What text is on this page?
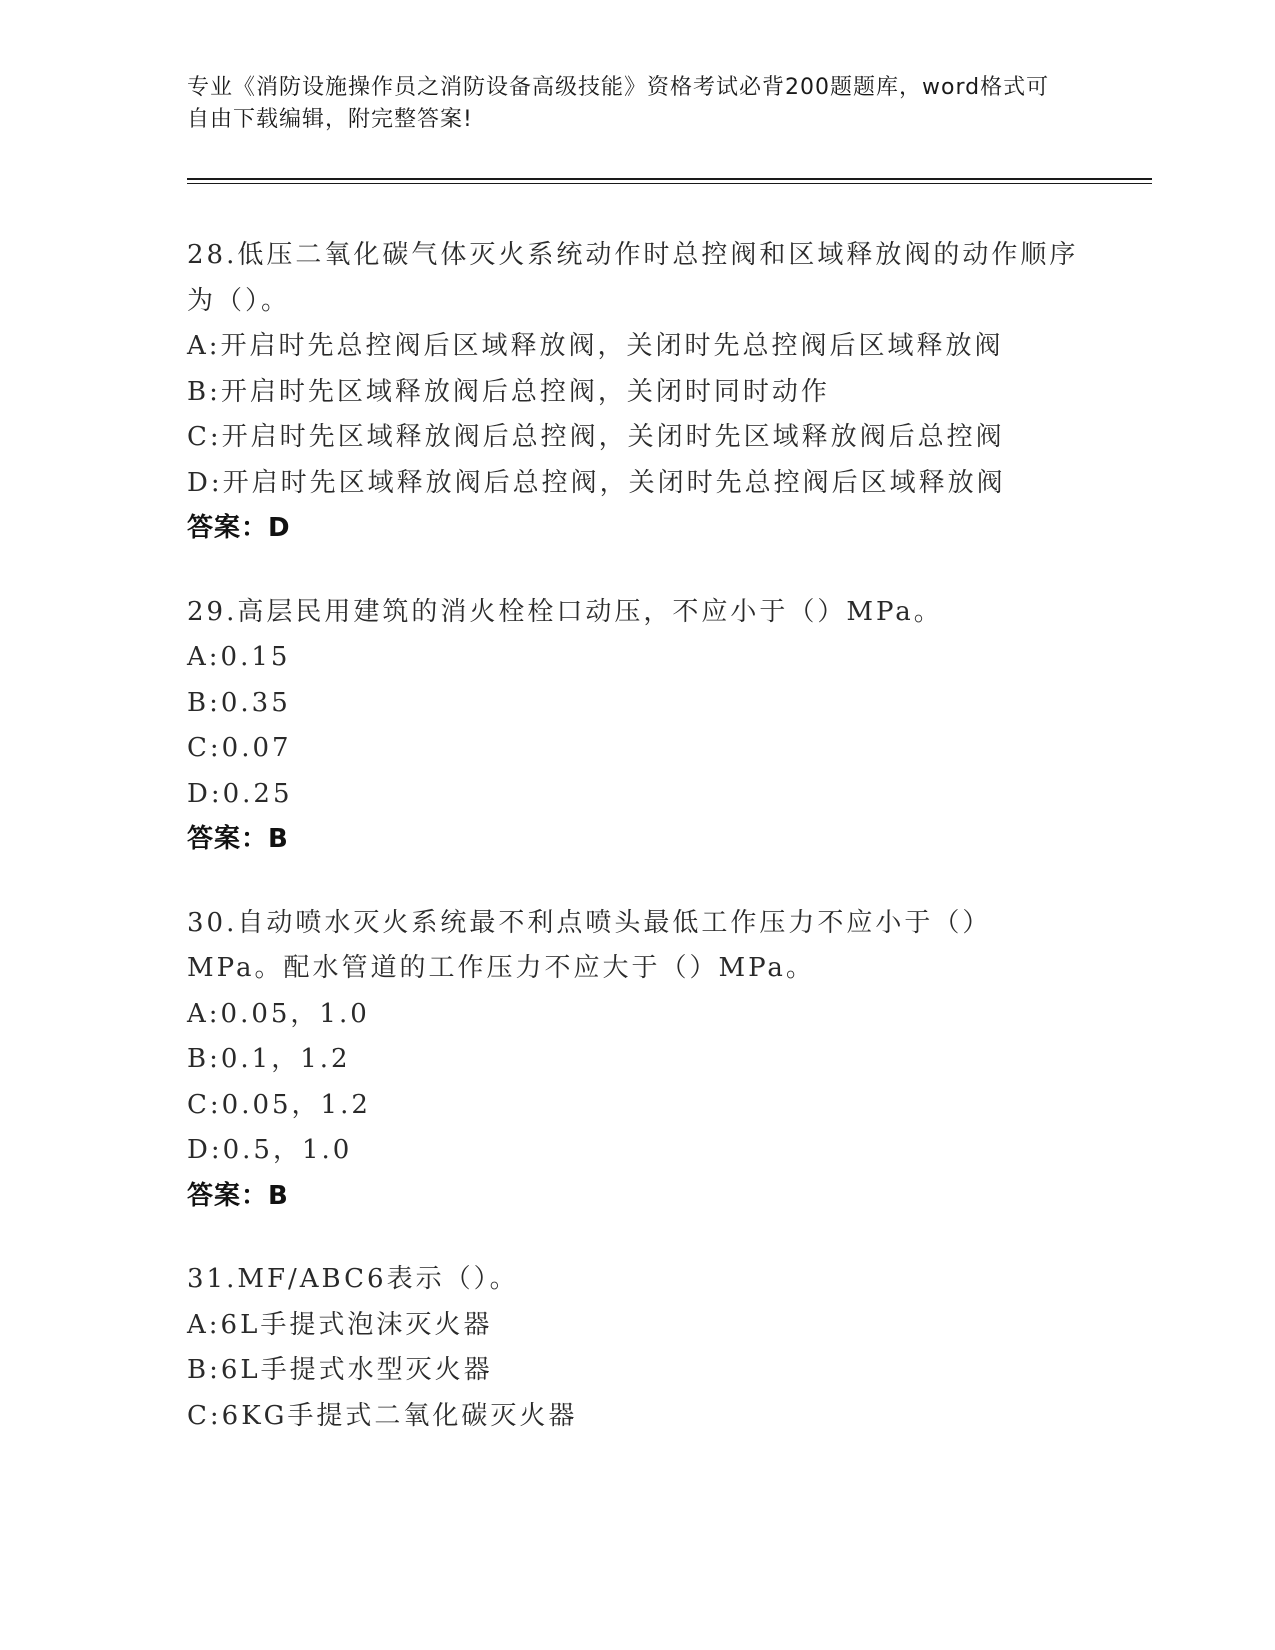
专业《消防设施操作员之消防设备高级技能》资格考试必背200题题库，word格式可自由下载编辑，附完整答案!
28.低压二氧化碳气体灭火系统动作时总控阀和区域释放阀的动作顺序为（）。
A:开启时先总控阀后区域释放阀，关闭时先总控阀后区域释放阀
B:开启时先区域释放阀后总控阀，关闭时同时动作
C:开启时先区域释放阀后总控阀，关闭时先区域释放阀后总控阀
D:开启时先区域释放阀后总控阀，关闭时先总控阀后区域释放阀
答案：D
29.高层民用建筑的消火栓栓口动压，不应小于（）MPa。
A:0.15
B:0.35
C:0.07
D:0.25
答案：B
30.自动喷水灭火系统最不利点喷头最低工作压力不应小于（）MPa。配水管道的工作压力不应大于（）MPa。
A:0.05，1.0
B:0.1，1.2
C:0.05，1.2
D:0.5，1.0
答案：B
31.MF/ABC6表示（）。
A:6L手提式泡沫灭火器
B:6L手提式水型灭火器
C:6KG手提式二氧化碳灭火器
